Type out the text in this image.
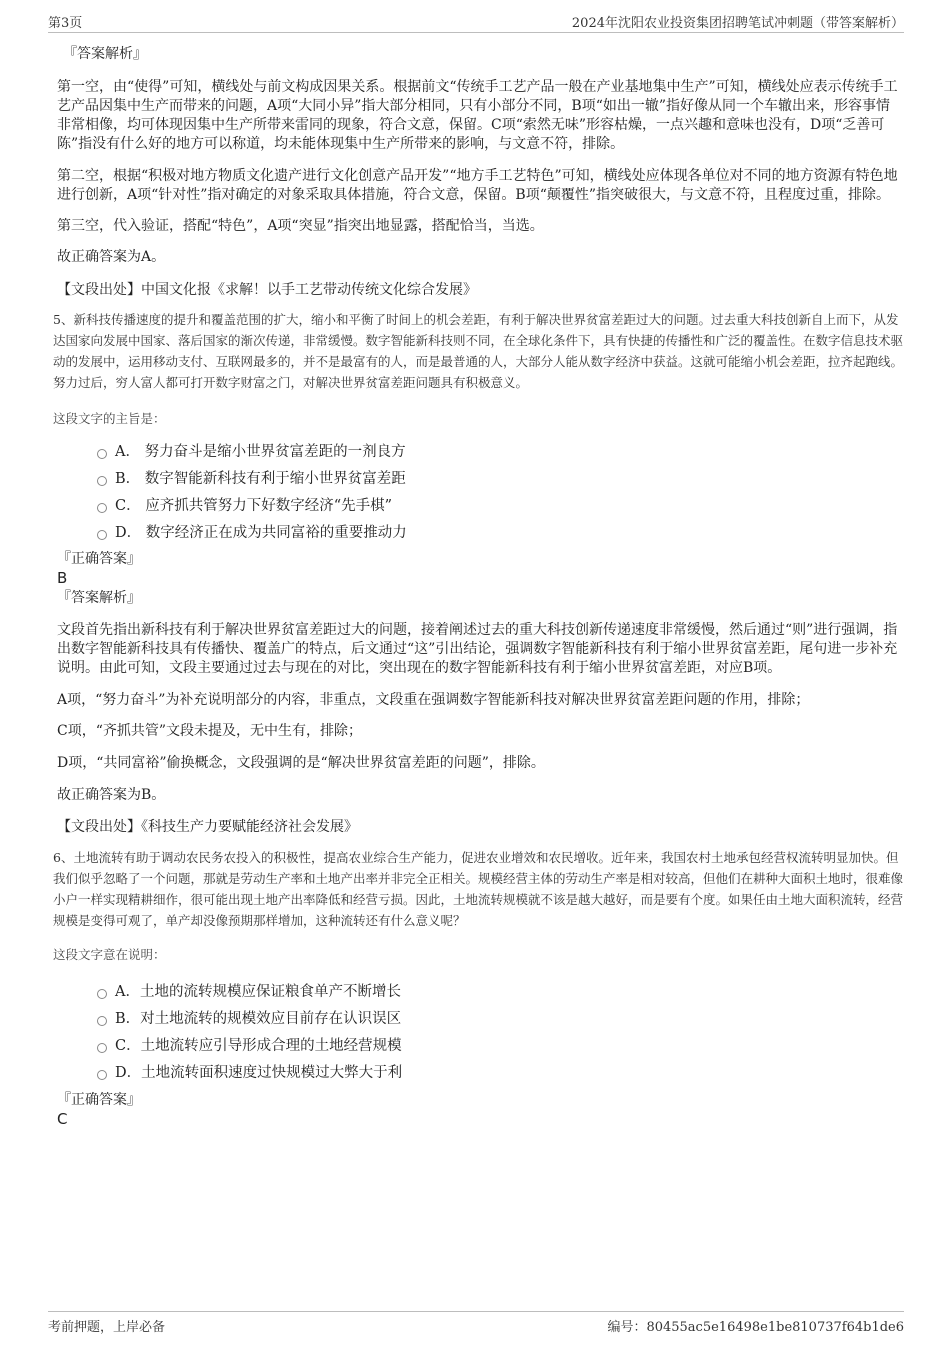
第3页	2024年沈阳农业投资集团招聘笔试冲刺题（带答案解析）

『答案解析』

第一空，由“使得”可知，横线处与前文构成因果关系。根据前文“传统手工艺产品一般在产业基地集中生产”可知，横线处应表示传统手工艺产品因集中生产而带来的问题，A项“大同小异”指大部分相同，只有小部分不同，B项“如出一辙”指好像从同一个车辙出来，形容事情非常相像，均可体现因集中生产所带来雷同的现象，符合文意，保留。C项“索然无味”形容枯燥，一点兴趣和意味也没有，D项“乏善可陈”指没有什么好的地方可以称道，均未能体现集中生产所带来的影响，与文意不符，排除。

第二空，根据“积极对地方物质文化遗产进行文化创意产品开发”“地方手工艺特色”可知，横线处应体现各单位对不同的地方资源有特色地进行创新，A项“针对性”指对确定的对象采取具体措施，符合文意，保留。B项“颠覆性”指突破很大，与文意不符，且程度过重，排除。

第三空，代入验证，搭配“特色”，A项“突显”指突出地显露，搭配恰当，当选。

故正确答案为A。

【文段出处】中国文化报《求解！以手工艺带动传统文化综合发展》

5、新科技传播速度的提升和覆盖范围的扩大，缩小和平衡了时间上的机会差距，有利于解决世界贫富差距过大的问题。过去重大科技创新自上而下，从发达国家向发展中国家、落后国家的渐次传递，非常缓慢。数字智能新科技则不同，在全球化条件下，具有快捷的传播性和广泛的覆盖性。在数字信息技术驱动的发展中，运用移动支付、互联网最多的，并不是最富有的人，而是最普通的人，大部分人能从数字经济中获益。这就可能缩小机会差距，拉齐起跑线。努力过后，穷人富人都可打开数字财富之门，对解决世界贫富差距问题具有积极意义。

这段文字的主旨是：

A． 努力奋斗是缩小世界贫富差距的一剂良方
B． 数字智能新科技有利于缩小世界贫富差距
C． 应齐抓共管努力下好数字经济“先手棋”
D． 数字经济正在成为共同富裕的重要推动力

『正确答案』

B

『答案解析』

文段首先指出新科技有利于解决世界贫富差距过大的问题，接着阐述过去的重大科技创新传递速度非常缓慢，然后通过“则”进行强调，指出数字智能新科技具有传播快、覆盖广的特点，后文通过“这”引出结论，强调数字智能新科技有利于缩小世界贫富差距，尾句进一步补充说明。由此可知，文段主要通过过去与现在的对比，突出现在的数字智能新科技有利于缩小世界贫富差距，对应B项。

A项，“努力奋斗”为补充说明部分的内容，非重点，文段重在强调数字智能新科技对解决世界贫富差距问题的作用，排除；

C项，“齐抓共管”文段未提及，无中生有，排除；

D项，“共同富裕”偷换概念，文段强调的是“解决世界贫富差距的问题”，排除。

故正确答案为B。

【文段出处】《科技生产力要赋能经济社会发展》

6、土地流转有助于调动农民务农投入的积极性，提高农业综合生产能力，促进农业增效和农民增收。近年来，我国农村土地承包经营权流转明显加快。但我们似乎忽略了一个问题，那就是劳动生产率和土地产出率并非完全正相关。规模经营主体的劳动生产率是相对较高，但他们在耕种大面积土地时，很难像小户一样实现精耕细作，很可能出现土地产出率降低和经营亏损。因此，土地流转规模就不该是越大越好，而是要有个度。如果任由土地大面积流转，经营规模是变得可观了，单产却没像预期那样增加，这种流转还有什么意义呢？

这段文字意在说明：

A．土地的流转规模应保证粮食单产不断增长
B．对土地流转的规模效应目前存在认识误区
C．土地流转应引导形成合理的土地经营规模
D．土地流转面积速度过快规模过大弊大于利

『正确答案』

C

考前押题，上岸必备	编号：80455ac5e16498e1be810737f64b1de6
